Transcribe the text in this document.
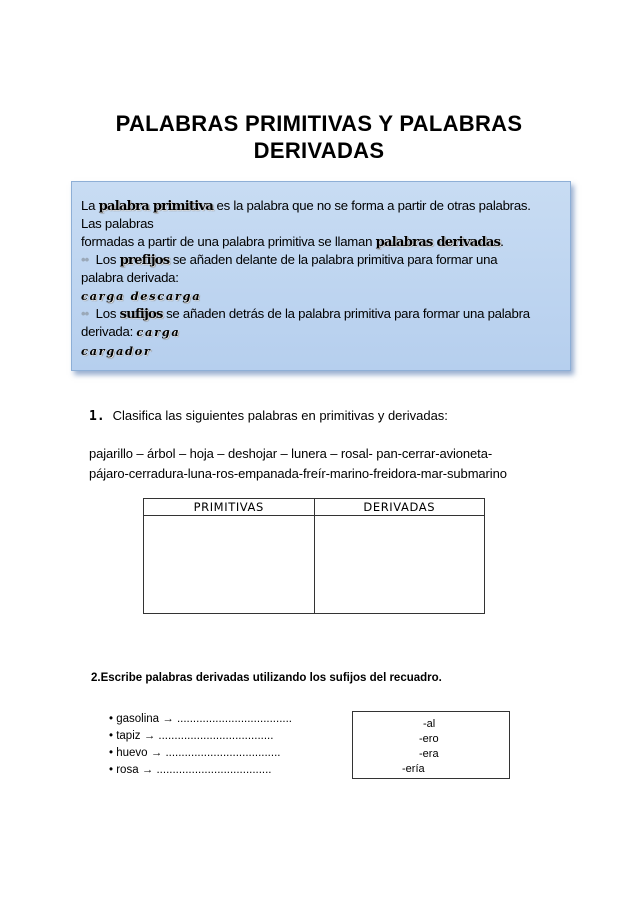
PALABRAS PRIMITIVAS Y PALABRAS
DERIVADAS
La palabra primitiva es la palabra que no se forma a partir de otras palabras.
Las palabras
formadas a partir de una palabra primitiva se llaman palabras derivadas.
•• Los prefijos se añaden delante de la palabra primitiva para formar una
palabra derivada:
carga descarga
•• Los sufijos se añaden detrás de la palabra primitiva para formar una palabra
derivada: carga
cargador
1. Clasifica las siguientes palabras en primitivas y derivadas:
pajarillo – árbol – hoja – deshojar – lunera – rosal- pan-cerrar-avioneta-
pájaro-cerradura-luna-ros-empanada-freír-marino-freidora-mar-submarino
PRIMITIVAS	DERIVADAS

2.Escribe palabras derivadas utilizando los sufijos del recuadro.
• gasolina → ....................................
• tapiz → ....................................
• huevo → ....................................
• rosa → ....................................
-al
-ero
-era
-ería
